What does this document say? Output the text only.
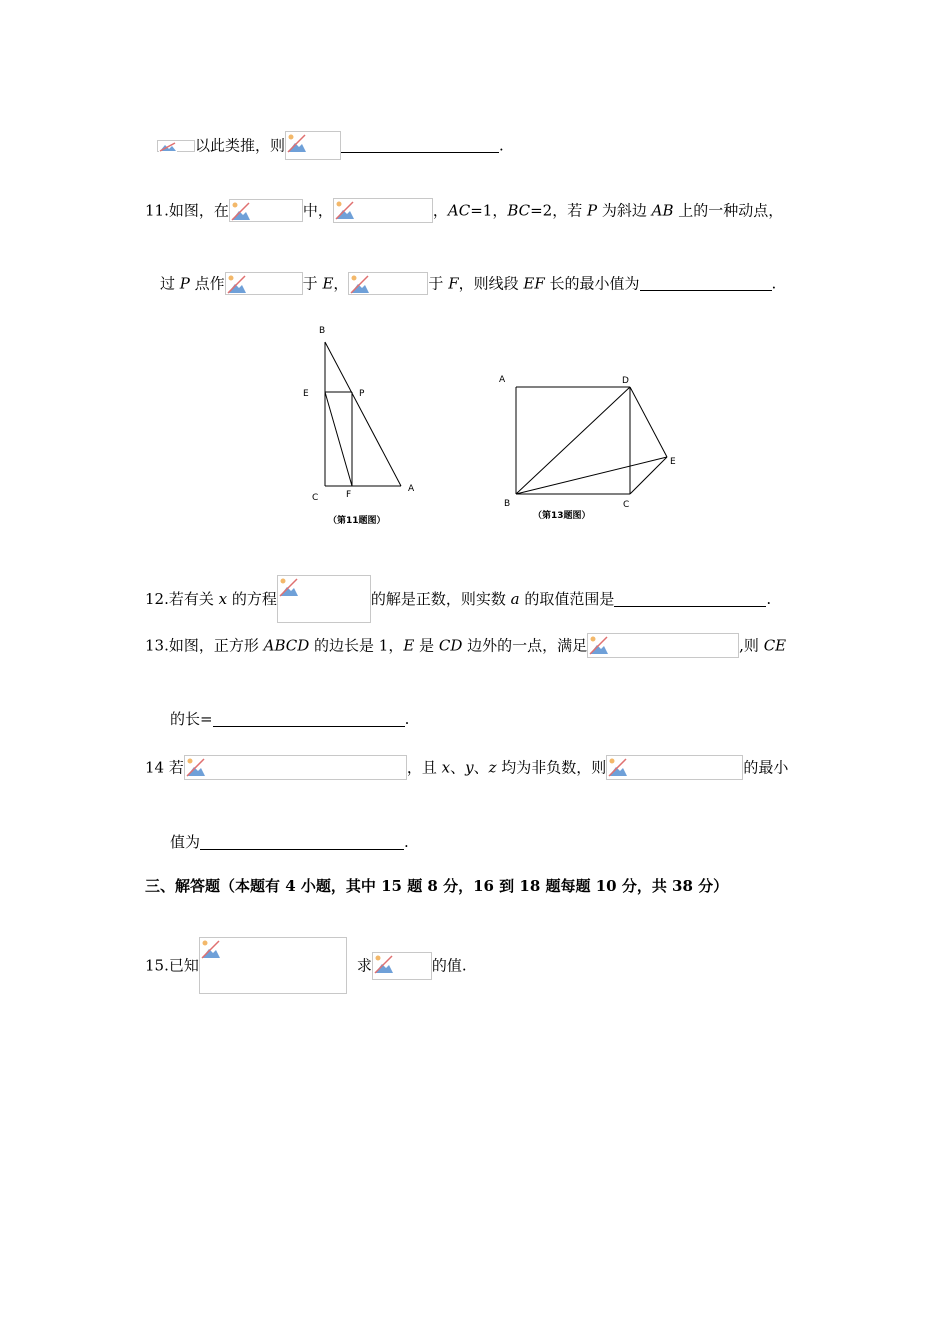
以此类推，则	.
11.如图，在	中，	，AC=1，BC=2，若 P 为斜边 AB 上的一种动点，
过 P 点作	于 E，	于 F，则线段 EF 长的最小值为	.
B
E	P
C	F
A
（第11题图）
A	D
E
B	C
（第13题图）
12.若有关 x 的方程	的解是正数，则实数 a 的取值范围是	.
13.如图，正方形 ABCD 的边长是 1，E 是 CD 边外的一点，满足	,则 CE
的长=	.
14 若	，且 x、y、z 均为非负数，则	的最小
值为	.
三、解答题（本题有 4 小题，其中 15 题 8 分，16 到 18 题每题 10 分，共 38 分）
15.已知	求	的值.
